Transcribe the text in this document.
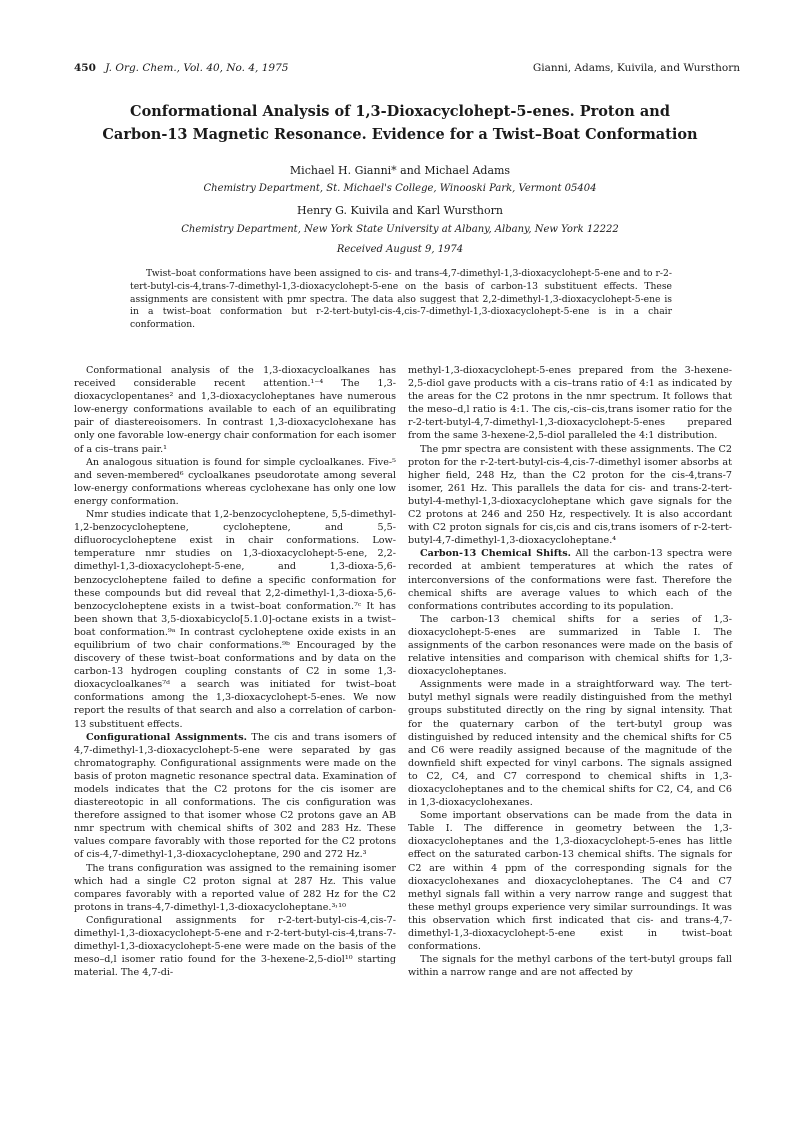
450 J. Org. Chem., Vol. 40, No. 4, 1975	Gianni, Adams, Kuivila, and Wursthorn
Conformational Analysis of 1,3-Dioxacyclohept-5-enes. Proton and
Carbon-13 Magnetic Resonance. Evidence for a Twist–Boat Conformation
Michael H. Gianni* and Michael Adams
Chemistry Department, St. Michael's College, Winooski Park, Vermont 05404
Henry G. Kuivila and Karl Wursthorn
Chemistry Department, New York State University at Albany, Albany, New York 12222
Received August 9, 1974
Twist–boat conformations have been assigned to cis- and trans-4,7-dimethyl-1,3-dioxacyclohept-5-ene and to r-2-tert-butyl-cis-4,trans-7-dimethyl-1,3-dioxacyclohept-5-ene on the basis of carbon-13 substituent effects. These assignments are consistent with pmr spectra. The data also suggest that 2,2-dimethyl-1,3-dioxacyclohept-5-ene is in a twist–boat conformation but r-2-tert-butyl-cis-4,cis-7-dimethyl-1,3-dioxacyclohept-5-ene is in a chair conformation.

Conformational analysis of the 1,3-dioxacycloalkanes has received considerable recent attention.¹⁻⁴ The 1,3-dioxacyclopentanes² and 1,3-dioxacycloheptanes have numerous low-energy conformations available to each of an equilibrating pair of diastereoisomers. In contrast 1,3-dioxacyclohexane has only one favorable low-energy chair conformation for each isomer of a cis–trans pair.¹

An analogous situation is found for simple cycloalkanes. Five-⁵ and seven-membered⁶ cycloalkanes pseudorotate among several low-energy conformations whereas cyclohexane has only one low energy conformation.

Nmr studies indicate that 1,2-benzocycloheptene, 5,5-dimethyl-1,2-benzocycloheptene, cycloheptene, and 5,5-difluorocycloheptene exist in chair conformations. Low-temperature nmr studies on 1,3-dioxacyclohept-5-ene, 2,2-dimethyl-1,3-dioxacyclohept-5-ene, and 1,3-dioxa-5,6-benzocycloheptene failed to define a specific conformation for these compounds but did reveal that 2,2-dimethyl-1,3-dioxa-5,6-benzocycloheptene exists in a twist–boat conformation.⁷ᶜ It has been shown that 3,5-dioxabicyclo[5.1.0]-octane exists in a twist–boat conformation.⁹ᵃ In contrast cycloheptene oxide exists in an equilibrium of two chair conformations.⁹ᵇ Encouraged by the discovery of these twist–boat conformations and by data on the carbon-13 hydrogen coupling constants of C2 in some 1,3-dioxacycloalkanes⁷ᵈ a search was initiated for twist–boat conformations among the 1,3-dioxacyclohept-5-enes. We now report the results of that search and also a correlation of carbon-13 substituent effects.

Configurational Assignments. The cis and trans isomers of 4,7-dimethyl-1,3-dioxacyclohept-5-ene were separated by gas chromatography. Configurational assignments were made on the basis of proton magnetic resonance spectral data. Examination of models indicates that the C2 protons for the cis isomer are diastereotopic in all conformations. The cis configuration was therefore assigned to that isomer whose C2 protons gave an AB nmr spectrum with chemical shifts of 302 and 283 Hz. These values compare favorably with those reported for the C2 protons of cis-4,7-dimethyl-1,3-dioxacycloheptane, 290 and 272 Hz.³

The trans configuration was assigned to the remaining isomer which had a single C2 proton signal at 287 Hz. This value compares favorably with a reported value of 282 Hz for the C2 protons in trans-4,7-dimethyl-1,3-dioxacycloheptane.³˒¹⁰

Configurational assignments for r-2-tert-butyl-cis-4,cis-7-dimethyl-1,3-dioxacyclohept-5-ene and r-2-tert-butyl-cis-4,trans-7-dimethyl-1,3-dioxacyclohept-5-ene were made on the basis of the meso–d,l isomer ratio found for the 3-hexene-2,5-diol¹⁰ starting material. The 4,7-di-

methyl-1,3-dioxacyclohept-5-enes prepared from the 3-hexene-2,5-diol gave products with a cis–trans ratio of 4:1 as indicated by the areas for the C2 protons in the nmr spectrum. It follows that the meso–d,l ratio is 4:1. The cis,-cis–cis,trans isomer ratio for the r-2-tert-butyl-4,7-dimethyl-1,3-dioxacyclohept-5-enes prepared from the same 3-hexene-2,5-diol paralleled the 4:1 distribution.

The pmr spectra are consistent with these assignments. The C2 proton for the r-2-tert-butyl-cis-4,cis-7-dimethyl isomer absorbs at higher field, 248 Hz, than the C2 proton for the cis-4,trans-7 isomer, 261 Hz. This parallels the data for cis- and trans-2-tert-butyl-4-methyl-1,3-dioxacycloheptane which gave signals for the C2 protons at 246 and 250 Hz, respectively. It is also accordant with C2 proton signals for cis,cis and cis,trans isomers of r-2-tert-butyl-4,7-dimethyl-1,3-dioxacycloheptane.⁴

Carbon-13 Chemical Shifts. All the carbon-13 spectra were recorded at ambient temperatures at which the rates of interconversions of the conformations were fast. Therefore the chemical shifts are average values to which each of the conformations contributes according to its population.

The carbon-13 chemical shifts for a series of 1,3-dioxacyclohept-5-enes are summarized in Table I. The assignments of the carbon resonances were made on the basis of relative intensities and comparison with chemical shifts for 1,3-dioxacycloheptanes.

Assignments were made in a straightforward way. The tert-butyl methyl signals were readily distinguished from the methyl groups substituted directly on the ring by signal intensity. That for the quaternary carbon of the tert-butyl group was distinguished by reduced intensity and the chemical shifts for C5 and C6 were readily assigned because of the magnitude of the downfield shift expected for vinyl carbons. The signals assigned to C2, C4, and C7 correspond to chemical shifts in 1,3-dioxacycloheptanes and to the chemical shifts for C2, C4, and C6 in 1,3-dioxacyclohexanes.

Some important observations can be made from the data in Table I. The difference in geometry between the 1,3-dioxacycloheptanes and the 1,3-dioxacyclohept-5-enes has little effect on the saturated carbon-13 chemical shifts. The signals for C2 are within 4 ppm of the corresponding signals for the dioxacyclohexanes and dioxacycloheptanes. The C4 and C7 methyl signals fall within a very narrow range and suggest that these methyl groups experience very similar surroundings. It was this observation which first indicated that cis- and trans-4,7-dimethyl-1,3-dioxacyclohept-5-ene exist in twist–boat conformations.

The signals for the methyl carbons of the tert-butyl groups fall within a narrow range and are not affected by
